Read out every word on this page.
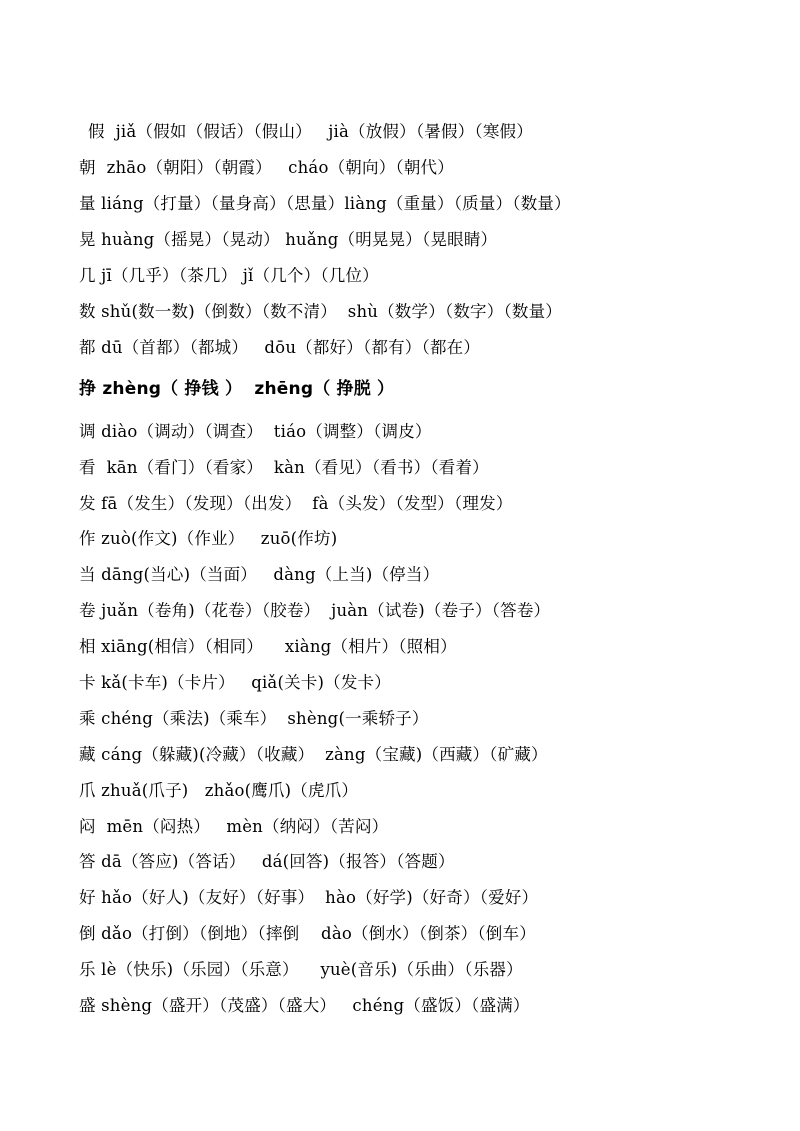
假  jiǎ（假如（假话）（假山）   jià（放假）（暑假）（寒假）
朝  zhāo（朝阳）（朝霞）   cháo（朝向）（朝代）
量 liáng（打量）（量身高）（思量）liàng（重量）（质量）（数量）
晃 huàng（摇晃）（晃动） huǎng（明晃晃）（晃眼睛）
几 jī（几乎）（茶几） jǐ（几个）（几位）
数 shǔ(数一数)（倒数）（数不清）  shù（数学）（数字）（数量）
都 dū（首都）（都城）   dōu（都好）（都有）（都在）
挣 zhèng（ 挣钱 ）  zhēng（ 挣脱 ）
调 diào（调动）（调查）  tiáo（调整）（调皮）
看  kān（看门）（看家）  kàn（看见）（看书）（看着）
发 fā（发生）（发现）（出发）  fà（头发）（发型）（理发）
作 zuò(作文)（作业）   zuō(作坊)
当 dāng(当心)（当面）   dàng（上当)（停当）
卷 juǎn（卷角)（花卷）（胶卷）  juàn（试卷)（卷子）（答卷）
相 xiāng(相信）（相同）    xiàng（相片）（照相）
卡 kǎ(卡车)（卡片）   qiǎ(关卡)（发卡）
乘 chéng（乘法)（乘车）  shèng(一乘轿子）
藏 cáng（躲藏)(冷藏）（收藏）  zàng（宝藏)（西藏）（矿藏）
爪 zhuǎ(爪子)   zhǎo(鹰爪)（虎爪）
闷  mēn（闷热）   mèn（纳闷）（苦闷）
答 dā（答应)（答话）   dá(回答)（报答）（答题）
好 hǎo（好人)（友好）（好事）  hào（好学)（好奇）（爱好）
倒 dǎo（打倒）（倒地）（摔倒    dào（倒水）（倒茶）（倒车）
乐 lè（快乐)（乐园）（乐意）    yuè(音乐)（乐曲）（乐器）
盛 shèng（盛开）（茂盛）（盛大）   chéng（盛饭）（盛满）
